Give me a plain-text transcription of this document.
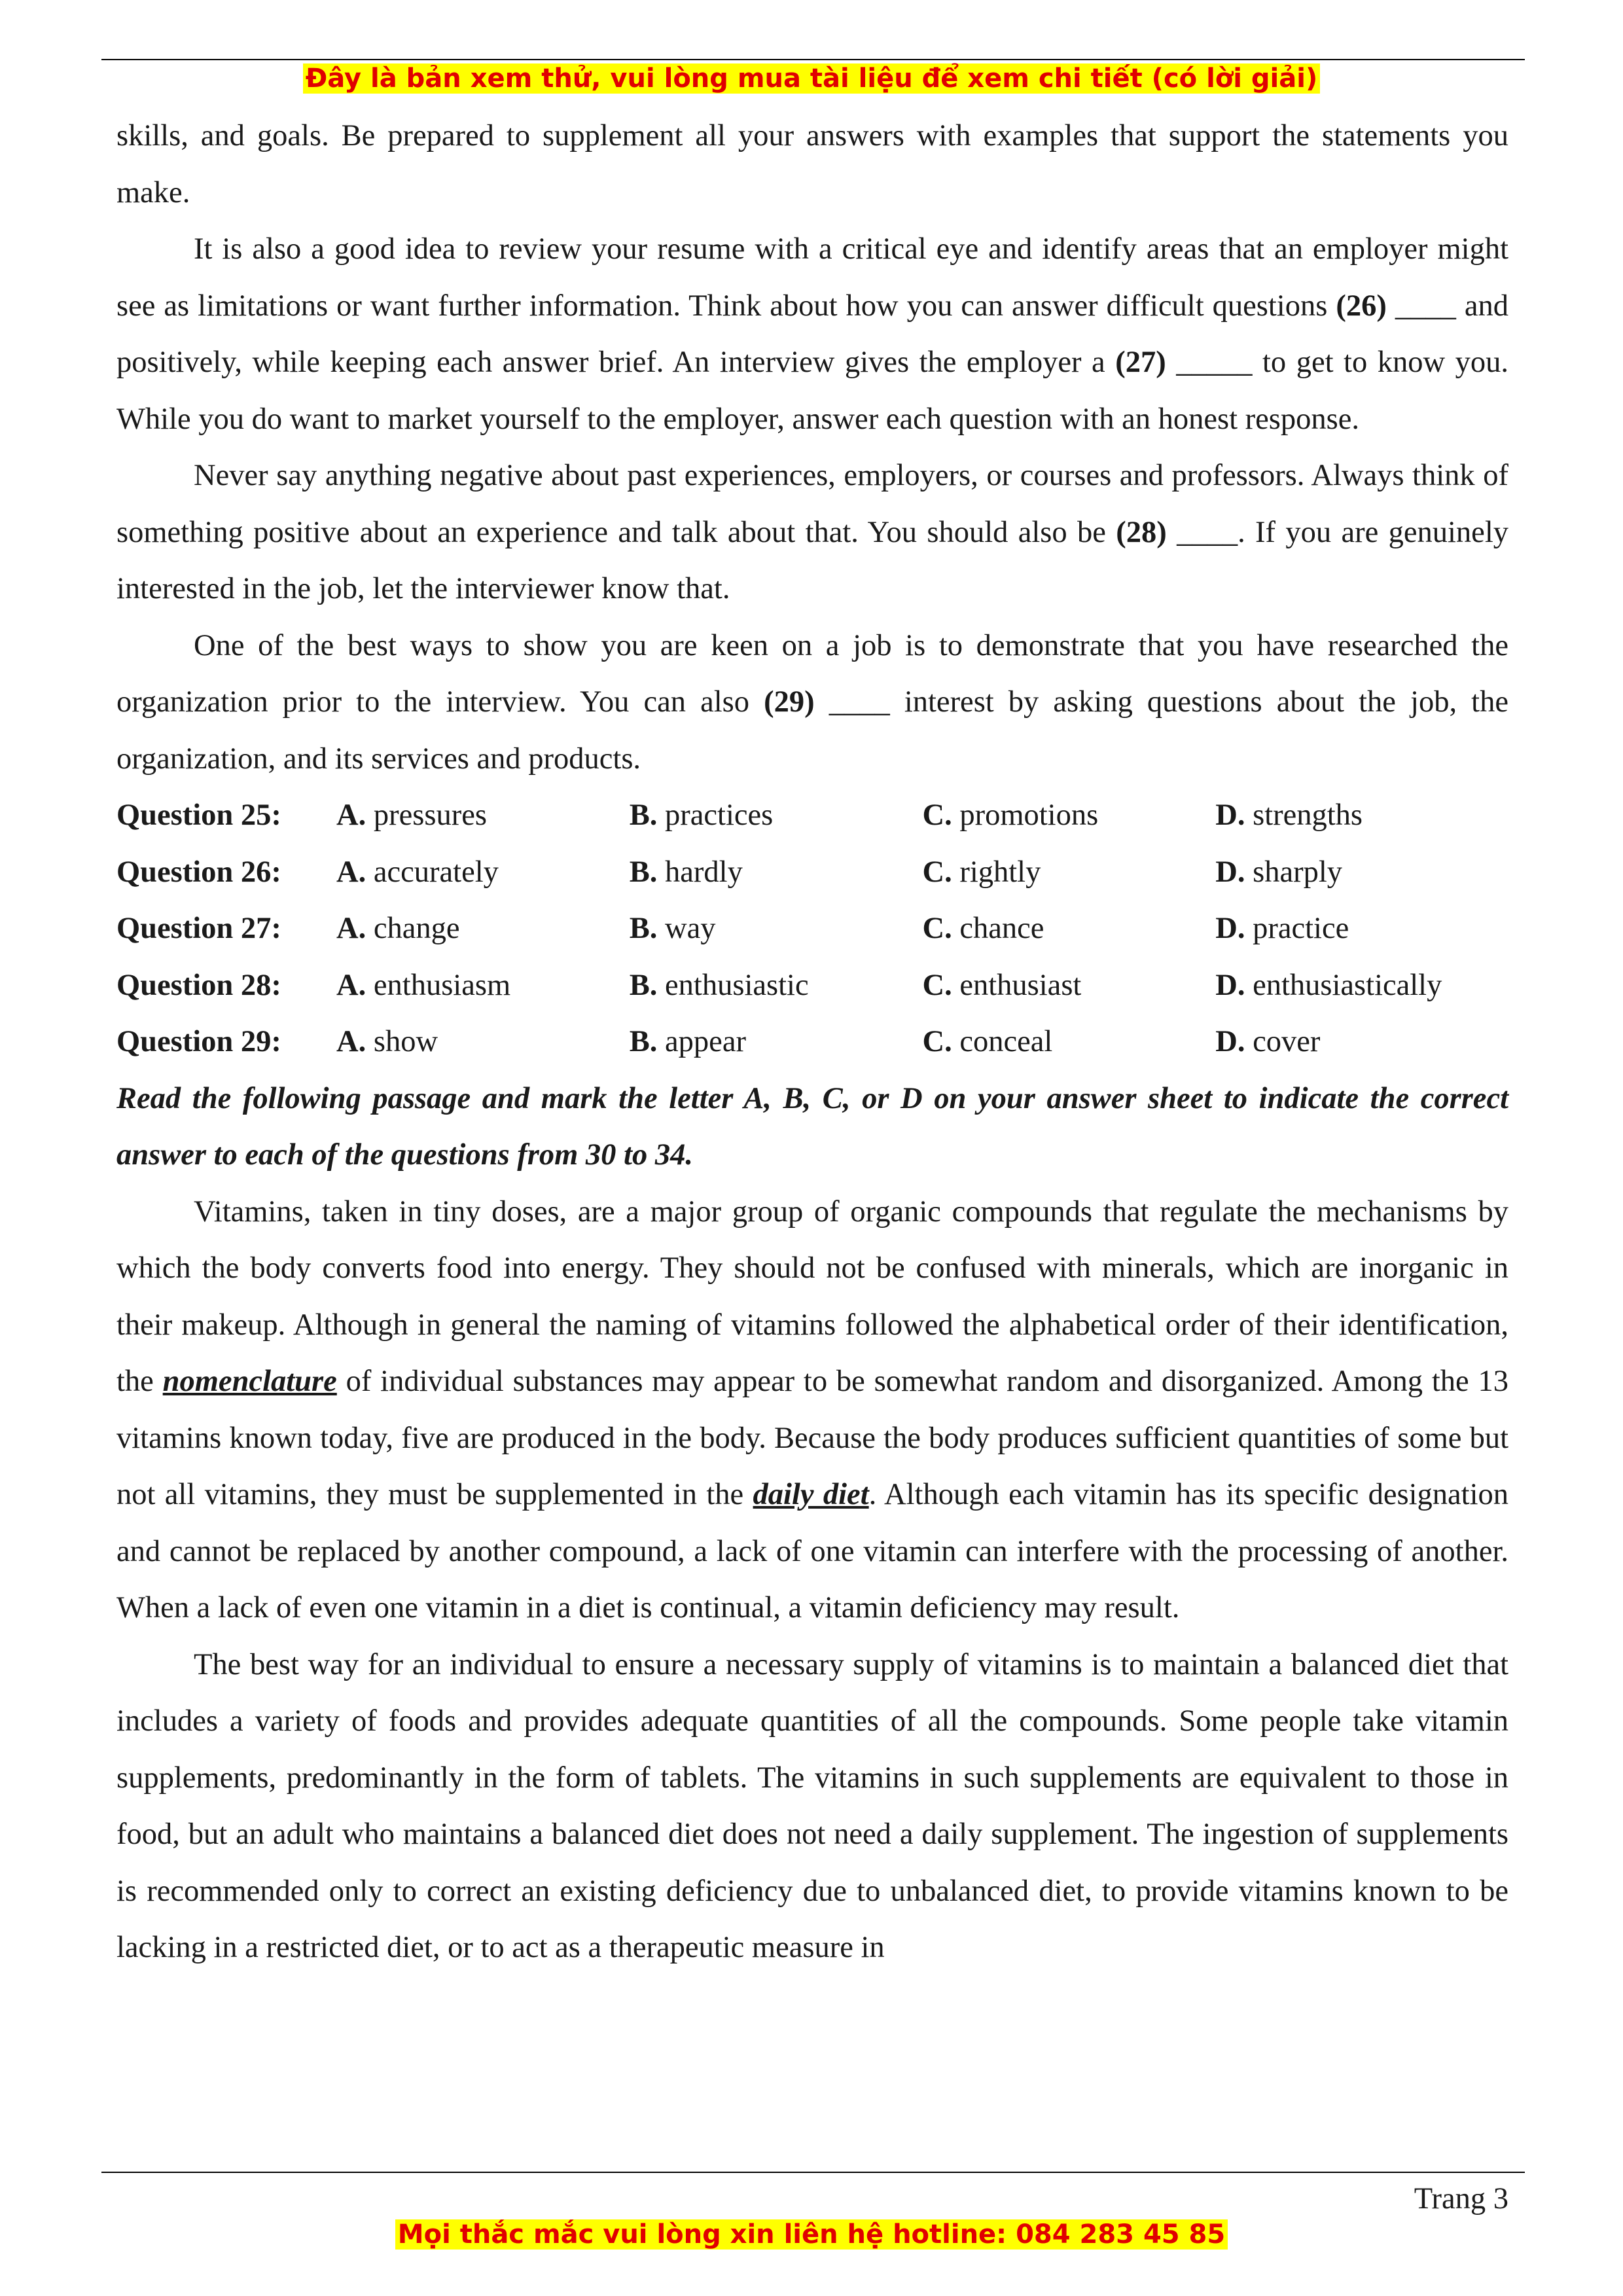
Đây là bản xem thử, vui lòng mua tài liệu để xem chi tiết (có lời giải)

skills, and goals. Be prepared to supplement all your answers with examples that support the statements you make.

It is also a good idea to review your resume with a critical eye and identify areas that an employer might see as limitations or want further information. Think about how you can answer difficult questions (26) ____ and positively, while keeping each answer brief. An interview gives the employer a (27) _____ to get to know you. While you do want to market yourself to the employer, answer each question with an honest response.

Never say anything negative about past experiences, employers, or courses and professors. Always think of something positive about an experience and talk about that. You should also be (28) ____. If you are genuinely interested in the job, let the interviewer know that.

One of the best ways to show you are keen on a job is to demonstrate that you have researched the organization prior to the interview. You can also (29) ____ interest by asking questions about the job, the organization, and its services and products.

Question 25:	A. pressures	B. practices	C. promotions	D. strengths
Question 26:	A. accurately	B. hardly	C. rightly	D. sharply
Question 27:	A. change	B. way	C. chance	D. practice
Question 28:	A. enthusiasm	B. enthusiastic	C. enthusiast	D. enthusiastically
Question 29:	A. show	B. appear	C. conceal	D. cover

Read the following passage and mark the letter A, B, C, or D on your answer sheet to indicate the correct answer to each of the questions from 30 to 34.

Vitamins, taken in tiny doses, are a major group of organic compounds that regulate the mechanisms by which the body converts food into energy. They should not be confused with minerals, which are inorganic in their makeup. Although in general the naming of vitamins followed the alphabetical order of their identification, the nomenclature of individual substances may appear to be somewhat random and disorganized. Among the 13 vitamins known today, five are produced in the body. Because the body produces sufficient quantities of some but not all vitamins, they must be supplemented in the daily diet. Although each vitamin has its specific designation and cannot be replaced by another compound, a lack of one vitamin can interfere with the processing of another. When a lack of even one vitamin in a diet is continual, a vitamin deficiency may result.

The best way for an individual to ensure a necessary supply of vitamins is to maintain a balanced diet that includes a variety of foods and provides adequate quantities of all the compounds. Some people take vitamin supplements, predominantly in the form of tablets. The vitamins in such supplements are equivalent to those in food, but an adult who maintains a balanced diet does not need a daily supplement. The ingestion of supplements is recommended only to correct an existing deficiency due to unbalanced diet, to provide vitamins known to be lacking in a restricted diet, or to act as a therapeutic measure in

Trang 3
Mọi thắc mắc vui lòng xin liên hệ hotline: 084 283 45 85
